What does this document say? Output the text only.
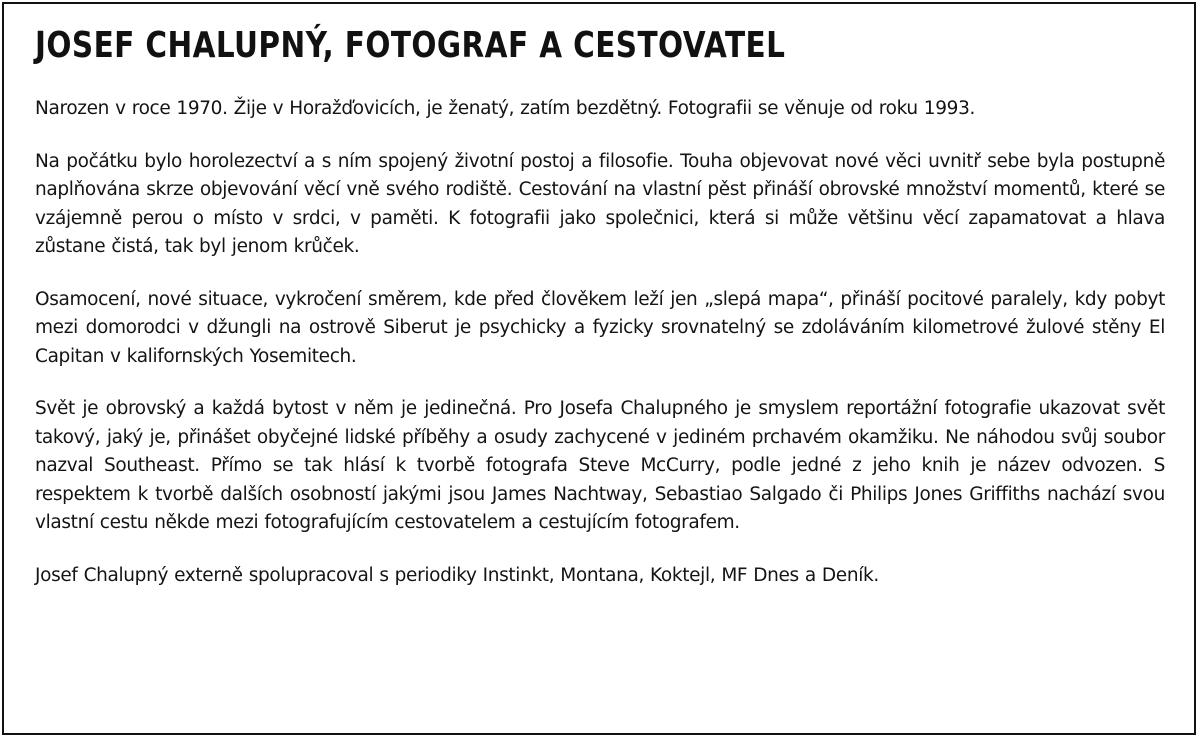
JOSEF CHALUPNÝ, FOTOGRAF A CESTOVATEL

Narozen v roce 1970. Žije v Horažďovicích, je ženatý, zatím bezdětný. Fotografii se věnuje od roku 1993.

Na počátku bylo horolezectví a s ním spojený životní postoj a filosofie. Touha objevovat nové věci uvnitř sebe byla postupně naplňována skrze objevování věcí vně svého rodiště. Cestování na vlastní pěst přináší obrovské množství momentů, které se vzájemně perou o místo v srdci, v paměti. K fotografii jako společnici, která si může většinu věcí zapamatovat a hlava zůstane čistá, tak byl jenom krůček.

Osamocení, nové situace, vykročení směrem, kde před člověkem leží jen „slepá mapa“, přináší pocitové paralely, kdy pobyt mezi domorodci v džungli na ostrově Siberut je psychicky a fyzicky srovnatelný se zdoláváním kilometrové žulové stěny El Capitan v kalifornských Yosemitech.

Svět je obrovský a každá bytost v něm je jedinečná. Pro Josefa Chalupného je smyslem reportážní fotografie ukazovat svět takový, jaký je, přinášet obyčejné lidské příběhy a osudy zachycené v jediném prchavém okamžiku. Ne náhodou svůj soubor nazval Southeast. Přímo se tak hlásí k tvorbě fotografa Steve McCurry, podle jedné z jeho knih je název odvozen. S respektem k tvorbě dalších osobností jakými jsou James Nachtway, Sebastiao Salgado či Philips Jones Griffiths nachází svou vlastní cestu někde mezi fotografujícím cestovatelem a cestujícím fotografem.

Josef Chalupný externě spolupracoval s periodiky Instinkt, Montana, Koktejl, MF Dnes a Deník.
